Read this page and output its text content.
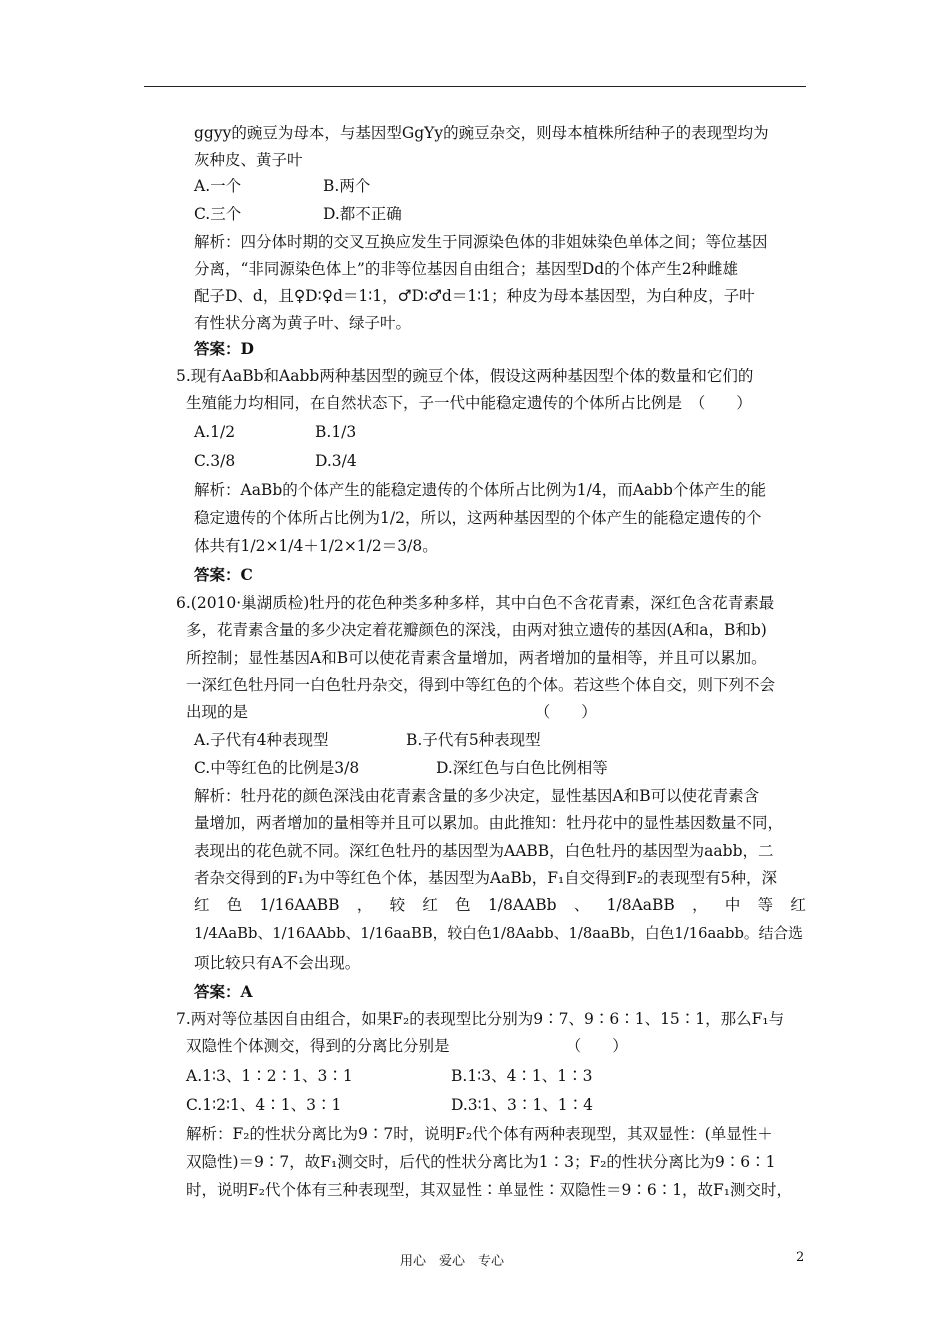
ggyy的豌豆为母本，与基因型GgYy的豌豆杂交，则母本植株所结种子的表现型均为
灰种皮、黄子叶
A.一个	B.两个
C.三个	D.都不正确
解析：四分体时期的交叉互换应发生于同源染色体的非姐妹染色单体之间；等位基因
分离，“非同源染色体上”的非等位基因自由组合；基因型Dd的个体产生2种雌雄
配子D、d，且♀D∶♀d＝1∶1，♂D∶♂d＝1∶1；种皮为母本基因型，为白种皮，子叶
有性状分离为黄子叶、绿子叶。
答案：D
5.现有AaBb和Aabb两种基因型的豌豆个体，假设这两种基因型个体的数量和它们的
生殖能力均相同，在自然状态下，子一代中能稳定遗传的个体所占比例是　（　　）
A.1/2	B.1/3
C.3/8	D.3/4
解析：AaBb的个体产生的能稳定遗传的个体所占比例为1/4，而Aabb个体产生的能
稳定遗传的个体所占比例为1/2，所以，这两种基因型的个体产生的能稳定遗传的个
体共有1/2×1/4＋1/2×1/2＝3/8。
答案：C
6.(2010·巢湖质检)牡丹的花色种类多种多样，其中白色不含花青素，深红色含花青素最
多，花青素含量的多少决定着花瓣颜色的深浅，由两对独立遗传的基因(A和a，B和b)
所控制；显性基因A和B可以使花青素含量增加，两者增加的量相等，并且可以累加。
一深红色牡丹同一白色牡丹杂交，得到中等红色的个体。若这些个体自交，则下列不会
出现的是　　　　　　　　　　　　　　　　　　　（　　）
A.子代有4种表现型	B.子代有5种表现型
C.中等红色的比例是3/8	D.深红色与白色比例相等
解析：牡丹花的颜色深浅由花青素含量的多少决定，显性基因A和B可以使花青素含
量增加，两者增加的量相等并且可以累加。由此推知：牡丹花中的显性基因数量不同，
表现出的花色就不同。深红色牡丹的基因型为AABB，白色牡丹的基因型为aabb，二
者杂交得到的F₁为中等红色个体，基因型为AaBb，F₁自交得到F₂的表现型有5种，深
红 色 1/16AABB ， 较 红 色 1/8AABb 、 1/8AaBB ， 中 等 红
1/4AaBb、1/16AAbb、1/16aaBB，较白色1/8Aabb、1/8aaBb，白色1/16aabb。结合选
项比较只有A不会出现。
答案：A
7.两对等位基因自由组合，如果F₂的表现型比分别为9∶7、9∶6∶1、15∶1，那么F₁与
双隐性个体测交，得到的分离比分别是　　　　　　　　（　　）
A.1∶3、1∶2∶1、3∶1	B.1∶3、4∶1、1∶3
C.1∶2∶1、4∶1、3∶1	D.3∶1、3∶1、1∶4
解析：F₂的性状分离比为9∶7时，说明F₂代个体有两种表现型，其双显性：(单显性＋
双隐性)＝9∶7，故F₁测交时，后代的性状分离比为1∶3；F₂的性状分离比为9∶6∶1
时，说明F₂代个体有三种表现型，其双显性∶单显性∶双隐性＝9∶6∶1，故F₁测交时，
用心　爱心　专心	2
